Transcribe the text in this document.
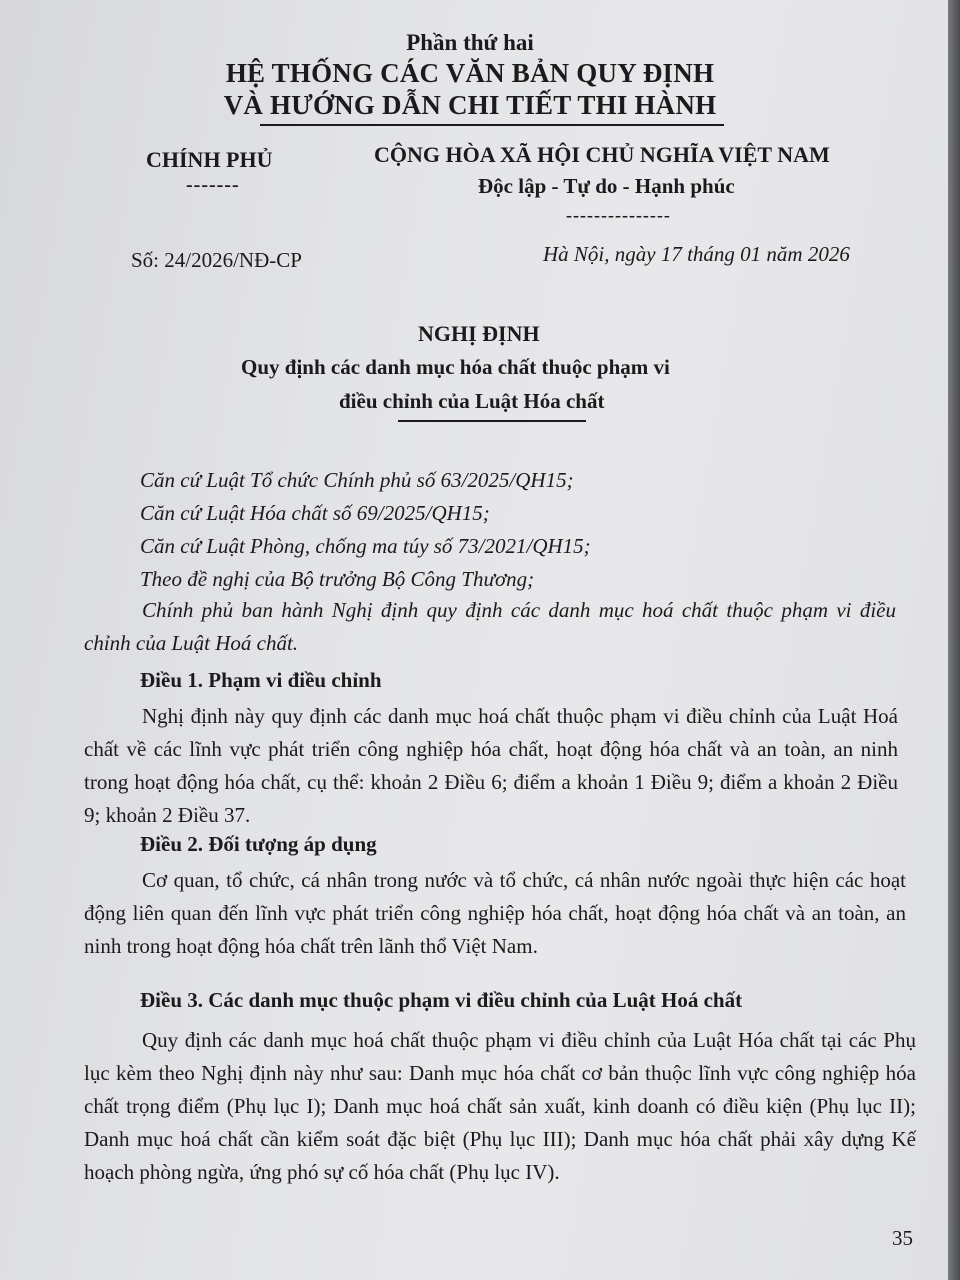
Phần thứ hai
HỆ THỐNG CÁC VĂN BẢN QUY ĐỊNH
VÀ HƯỚNG DẪN CHI TIẾT THI HÀNH
CHÍNH PHỦ
-------
CỘNG HÒA XÃ HỘI CHỦ NGHĨA VIỆT NAM
Độc lập - Tự do - Hạnh phúc
---------------
Số: 24/2026/NĐ-CP	Hà Nội, ngày 17 tháng 01 năm 2026
NGHỊ ĐỊNH
Quy định các danh mục hóa chất thuộc phạm vi
điều chỉnh của Luật Hóa chất
Căn cứ Luật Tổ chức Chính phủ số 63/2025/QH15;
Căn cứ Luật Hóa chất số 69/2025/QH15;
Căn cứ Luật Phòng, chống ma túy số 73/2021/QH15;
Theo đề nghị của Bộ trưởng Bộ Công Thương;
Chính phủ ban hành Nghị định quy định các danh mục hoá chất thuộc phạm vi điều chỉnh của Luật Hoá chất.
Điều 1. Phạm vi điều chỉnh
Nghị định này quy định các danh mục hoá chất thuộc phạm vi điều chỉnh của Luật Hoá chất về các lĩnh vực phát triển công nghiệp hóa chất, hoạt động hóa chất và an toàn, an ninh trong hoạt động hóa chất, cụ thể: khoản 2 Điều 6; điểm a khoản 1 Điều 9; điểm a khoản 2 Điều 9; khoản 2 Điều 37.
Điều 2. Đối tượng áp dụng
Cơ quan, tổ chức, cá nhân trong nước và tổ chức, cá nhân nước ngoài thực hiện các hoạt động liên quan đến lĩnh vực phát triển công nghiệp hóa chất, hoạt động hóa chất và an toàn, an ninh trong hoạt động hóa chất trên lãnh thổ Việt Nam.
Điều 3. Các danh mục thuộc phạm vi điều chỉnh của Luật Hoá chất
Quy định các danh mục hoá chất thuộc phạm vi điều chỉnh của Luật Hóa chất tại các Phụ lục kèm theo Nghị định này như sau: Danh mục hóa chất cơ bản thuộc lĩnh vực công nghiệp hóa chất trọng điểm (Phụ lục I); Danh mục hoá chất sản xuất, kinh doanh có điều kiện (Phụ lục II); Danh mục hoá chất cần kiểm soát đặc biệt (Phụ lục III); Danh mục hóa chất phải xây dựng Kế hoạch phòng ngừa, ứng phó sự cố hóa chất (Phụ lục IV).
35
